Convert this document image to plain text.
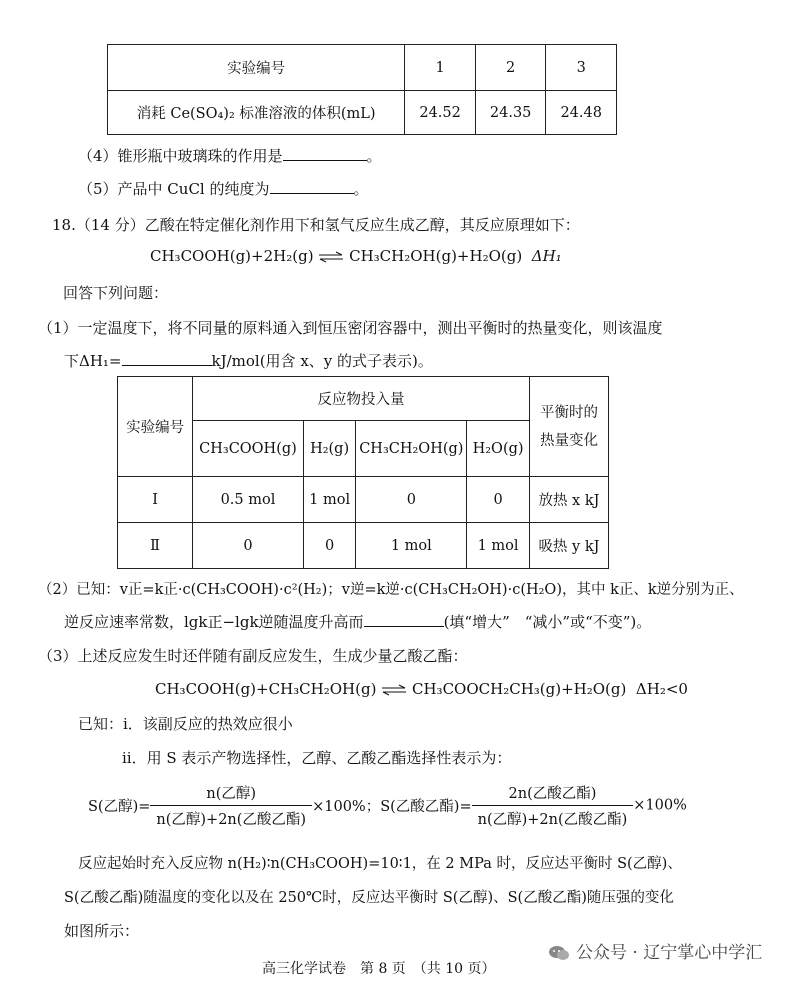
实验编号	1	2	3
消耗 Ce(SO₄)₂ 标准溶液的体积(mL)	24.52	24.35	24.48
（4）锥形瓶中玻璃珠的作用是	。
（5）产品中 CuCl 的纯度为	。
18.（14 分）乙酸在特定催化剂作用下和氢气反应生成乙醇，其反应原理如下：
CH₃COOH(g)+2H₂(g) ⇌ CH₃CH₂OH(g)+H₂O(g) ΔH₁
回答下列问题：
（1）一定温度下，将不同量的原料通入到恒压密闭容器中，测出平衡时的热量变化，则该温度
下ΔH₁=	kJ/mol(用含 x、y 的式子表示)。
实验编号	反应物投入量				平衡时的
热量变化

	CH₃COOH(g)	H₂(g)	CH₃CH₂OH(g)	H₂O(g)	
I	0.5 mol	1 mol	0	0	放热 x kJ
Ⅱ	0	0	1 mol	1 mol	吸热 y kJ
（2）已知：v正=k正·c(CH₃COOH)·c²(H₂)；v逆=k逆·c(CH₃CH₂OH)·c(H₂O)，其中 k正、k逆分别为正、
逆反应速率常数，lgk正−lgk逆随温度升高而	(填“增大”　“减小”或“不变”)。
（3）上述反应发生时还伴随有副反应发生，生成少量乙酸乙酯：
CH₃COOH(g)+CH₃CH₂OH(g) ⇌ CH₃COOCH₂CH₃(g)+H₂O(g) ΔH₂<0
已知：ⅰ．该副反应的热效应很小
ⅱ．用 S 表示产物选择性，乙醇、乙酸乙酯选择性表示为：
S(乙醇)= $\frac{\text{n(乙醇)}}{\text{n(乙醇)+2n(乙酸乙酯)}} \times 100\%$；S(乙酸乙酯)= $\frac{\text{2n(乙酸乙酯)}}{\text{n(乙醇)+2n(乙酸乙酯)}} \times 100\%$
反应起始时充入反应物 n(H₂)∶n(CH₃COOH)=10∶1，在 2 MPa 时，反应达平衡时 S(乙醇)、
S(乙酸乙酯)随温度的变化以及在 250℃时，反应达平衡时 S(乙醇)、S(乙酸乙酯)随压强的变化
如图所示：
公众号 · 辽宁掌心中学汇
高三化学试卷　第 8 页　（共 10 页）
